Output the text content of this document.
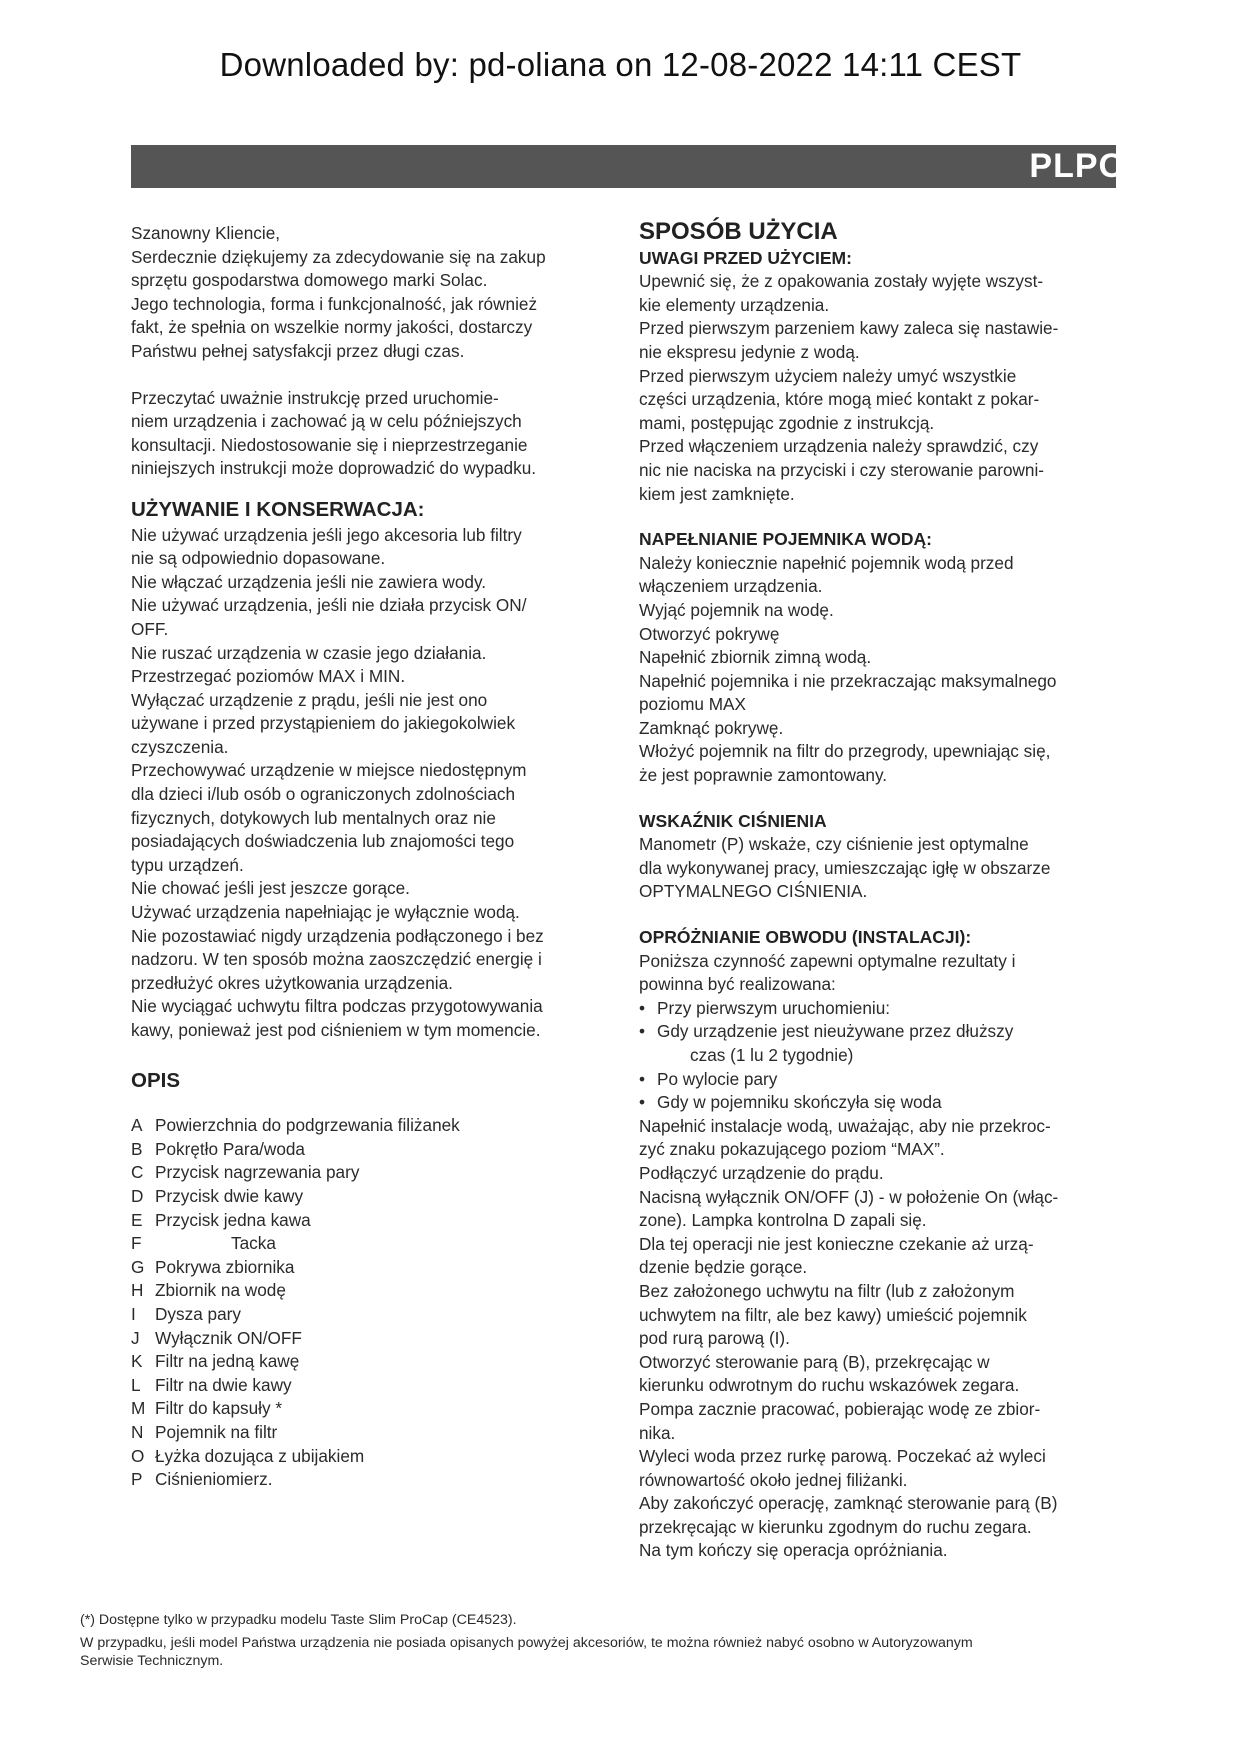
Downloaded by: pd-oliana on 12-08-2022 14:11 CEST
PLPO

Szanowny Kliencie,

Serdecznie dziękujemy za zdecydowanie się na zakup
sprzętu gospodarstwa domowego marki Solac.

Jego technologia, forma i funkcjonalność, jak również
fakt, że spełnia on wszelkie normy jakości, dostarczy
Państwu pełnej satysfakcji przez długi czas.

Przeczytać uważnie instrukcję przed uruchomie-
niem urządzenia i zachować ją w celu późniejszych
konsultacji. Niedostosowanie się i nieprzestrzeganie
niniejszych instrukcji może doprowadzić do wypadku.

UŻYWANIE I KONSERWACJA:

Nie używać urządzenia jeśli jego akcesoria lub filtry
nie są odpowiednio dopasowane.

Nie włączać urządzenia jeśli nie zawiera wody.

Nie używać urządzenia, jeśli nie działa przycisk ON/
OFF.

Nie ruszać urządzenia w czasie jego działania.

Przestrzegać poziomów MAX i MIN.

Wyłączać urządzenie z prądu, jeśli nie jest ono
używane i przed przystąpieniem do jakiegokolwiek
czyszczenia.

Przechowywać urządzenie w miejsce niedostępnym
dla dzieci i/lub osób o ograniczonych zdolnościach
fizycznych, dotykowych lub mentalnych oraz nie
posiadających doświadczenia lub znajomości tego
typu urządzeń.

Nie chować jeśli jest jeszcze gorące.

Używać urządzenia napełniając je wyłącznie wodą.

Nie pozostawiać nigdy urządzenia podłączonego i bez
nadzoru. W ten sposób można zaoszczędzić energię i
przedłużyć okres użytkowania urządzenia.

Nie wyciągać uchwytu filtra podczas przygotowywania
kawy, ponieważ jest pod ciśnieniem w tym momencie.

OPIS
A Powierzchnia do podgrzewania filiżanek
B Pokrętło Para/woda
C Przycisk nagrzewania pary
D Przycisk dwie kawy
E Przycisk jedna kawa
F	Tacka
G Pokrywa zbiornika
H Zbiornik na wodę
I	Dysza pary
J Wyłącznik ON/OFF
K Filtr na jedną kawę
L Filtr na dwie kawy
M Filtr do kapsuły *
N Pojemnik na filtr
O Łyżka dozująca z ubijakiem
P Ciśnieniomierz.
SPOSÓB UŻYCIA
UWAGI PRZED UŻYCIEM:

Upewnić się, że z opakowania zostały wyjęte wszyst-
kie elementy urządzenia.

Przed pierwszym parzeniem kawy zaleca się nastawie-
nie ekspresu jedynie z wodą.

Przed pierwszym użyciem należy umyć wszystkie
części urządzenia, które mogą mieć kontakt z pokar-
mami, postępując zgodnie z instrukcją.

Przed włączeniem urządzenia należy sprawdzić, czy
nic nie naciska na przyciski i czy sterowanie parowni-
kiem jest zamknięte.

NAPEŁNIANIE POJEMNIKA WODĄ:

Należy koniecznie napełnić pojemnik wodą przed
włączeniem urządzenia.

Wyjąć pojemnik na wodę.

Otworzyć pokrywę

Napełnić zbiornik zimną wodą.

Napełnić pojemnika i nie przekraczając maksymalnego
poziomu MAX

Zamknąć pokrywę.

Włożyć pojemnik na filtr do przegrody, upewniając się,
że jest poprawnie zamontowany.

WSKAŹNIK CIŚNIENIA

Manometr (P) wskaże, czy ciśnienie jest optymalne
dla wykonywanej pracy, umieszczając igłę w obszarze
OPTYMALNEGO CIŚNIENIA.

OPRÓŻNIANIE OBWODU (INSTALACJI):

Poniższa czynność zapewni optymalne rezultaty i
powinna być realizowana:

• Przy pierwszym uruchomieniu:
• Gdy urządzenie jest nieużywane przez dłuższy
czas (1 lu 2 tygodnie)
• Po wylocie pary
• Gdy w pojemniku skończyła się woda

Napełnić instalacje wodą, uważając, aby nie przekroc-
zyć znaku pokazującego poziom “MAX”.

Podłączyć urządzenie do prądu.

Nacisną wyłącznik ON/OFF (J) - w położenie On (włąc-
zone). Lampka kontrolna D zapali się.

Dla tej operacji nie jest konieczne czekanie aż urzą-
dzenie będzie gorące.

Bez założonego uchwytu na filtr (lub z założonym
uchwytem na filtr, ale bez kawy) umieścić pojemnik
pod rurą parową (I).

Otworzyć sterowanie parą (B), przekręcając w
kierunku odwrotnym do ruchu wskazówek zegara.

Pompa zacznie pracować, pobierając wodę ze zbior-
nika.

Wyleci woda przez rurkę parową. Poczekać aż wyleci
równowartość około jednej filiżanki.

Aby zakończyć operację, zamknąć sterowanie parą (B)
przekręcając w kierunku zgodnym do ruchu zegara.

Na tym kończy się operacja opróżniania.

(*) Dostępne tylko w przypadku modelu Taste Slim ProCap (CE4523).
W przypadku, jeśli model Państwa urządzenia nie posiada opisanych powyżej akcesoriów, te można również nabyć osobno w Autoryzowanym
Serwisie Technicznym.
